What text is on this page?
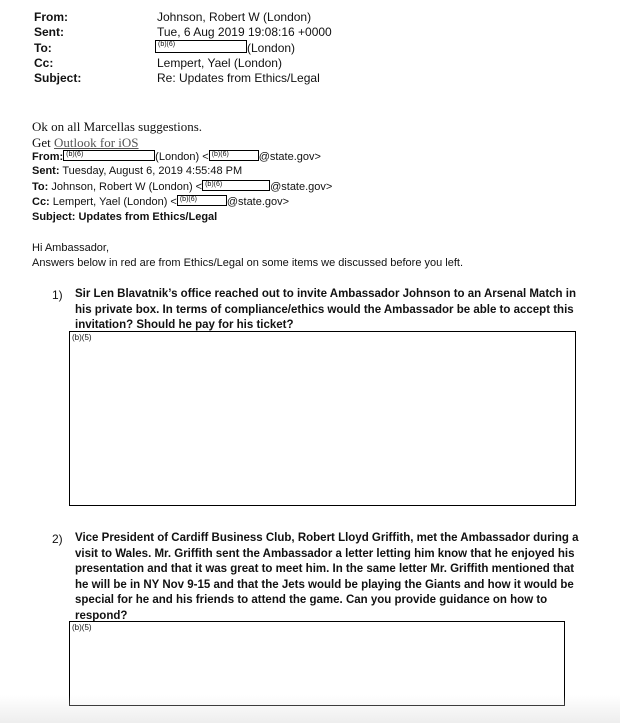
From:	Johnson, Robert W (London)
Sent:	Tue, 6 Aug 2019 19:08:16 +0000
To:	(b)(6)	(London)
Cc:	Lempert, Yael (London)
Subject:	Re: Updates from Ethics/Legal
Ok on all Marcellas suggestions.
Get Outlook for iOS
From: (b)(6)	(London) < (b)(6)	@state.gov>
Sent: Tuesday, August 6, 2019 4:55:48 PM
To: Johnson, Robert W (London) < (b)(6)	@state.gov>
Cc: Lempert, Yael (London) < (b)(6)	@state.gov>
Subject: Updates from Ethics/Legal
Hi Ambassador,
Answers below in red are from Ethics/Legal on some items we discussed before you left.
1) Sir Len Blavatnik’s office reached out to invite Ambassador Johnson to an Arsenal Match in his private box. In terms of compliance/ethics would the Ambassador be able to accept this invitation? Should he pay for his ticket?
(b)(5)
2) Vice President of Cardiff Business Club, Robert Lloyd Griffith, met the Ambassador during a visit to Wales. Mr. Griffith sent the Ambassador a letter letting him know that he enjoyed his presentation and that it was great to meet him. In the same letter Mr. Griffith mentioned that he will be in NY Nov 9-15 and that the Jets would be playing the Giants and how it would be special for he and his friends to attend the game. Can you provide guidance on how to respond?
(b)(5)
